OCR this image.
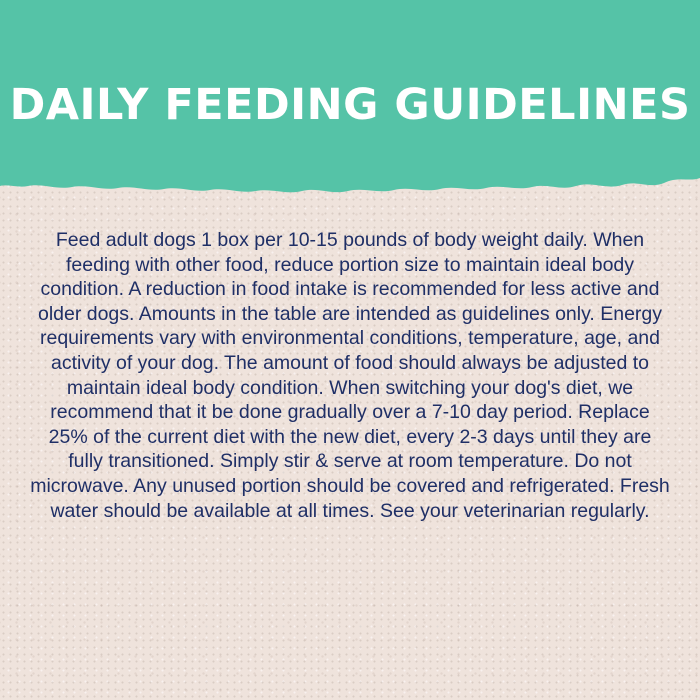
DAILY FEEDING GUIDELINES

Feed adult dogs 1 box per 10-15 pounds of body weight daily. When feeding with other food, reduce portion size to maintain ideal body condition. A reduction in food intake is recommended for less active and older dogs. Amounts in the table are intended as guidelines only. Energy requirements vary with environmental conditions, temperature, age, and activity of your dog. The amount of food should always be adjusted to maintain ideal body condition. When switching your dog's diet, we recommend that it be done gradually over a 7-10 day period. Replace 25% of the current diet with the new diet, every 2-3 days until they are fully transitioned. Simply stir & serve at room temperature. Do not microwave. Any unused portion should be covered and refrigerated. Fresh water should be available at all times. See your veterinarian regularly.
